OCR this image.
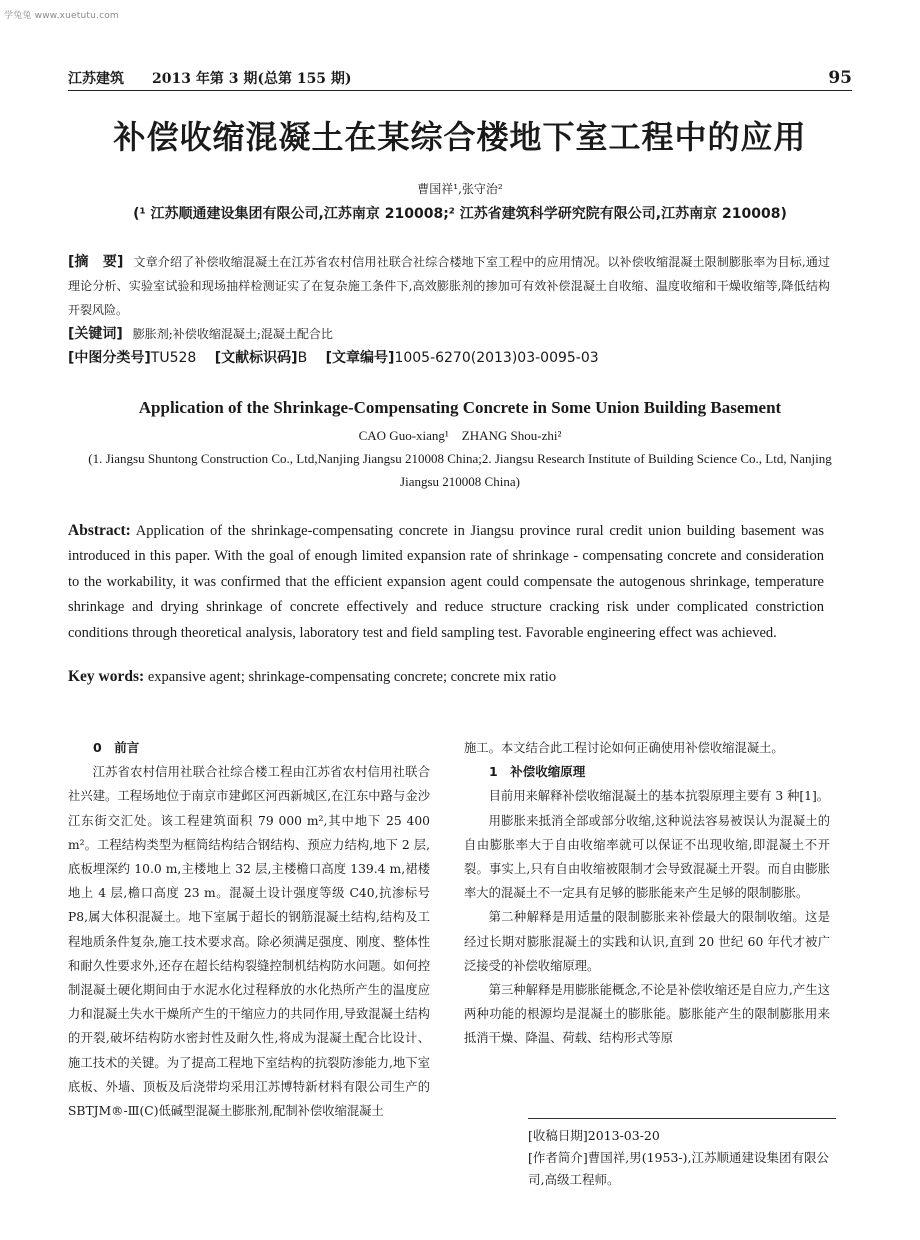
学兔兔 www.xuetutu.com
江苏建筑 2013 年第 3 期(总第 155 期)	95
补偿收缩混凝土在某综合楼地下室工程中的应用
曹国祥¹,张守治²
(¹ 江苏顺通建设集团有限公司,江苏南京 210008;² 江苏省建筑科学研究院有限公司,江苏南京 210008)
[摘　要] 文章介绍了补偿收缩混凝土在江苏省农村信用社联合社综合楼地下室工程中的应用情况。以补偿收缩混凝土限制膨胀率为目标,通过理论分析、实验室试验和现场抽样检测证实了在复杂施工条件下,高效膨胀剂的掺加可有效补偿混凝土自收缩、温度收缩和干燥收缩等,降低结构开裂风险。
[关键词] 膨胀剂;补偿收缩混凝土;混凝土配合比
[中图分类号]TU528 [文献标识码]B [文章编号]1005-6270(2013)03-0095-03
Application of the Shrinkage-Compensating Concrete in Some Union Building Basement
CAO Guo-xiang¹　ZHANG Shou-zhi²
(1. Jiangsu Shuntong Construction Co., Ltd,Nanjing Jiangsu 210008 China;2. Jiangsu Research Institute of Building Science Co., Ltd, Nanjing Jiangsu 210008 China)
Abstract: Application of the shrinkage-compensating concrete in Jiangsu province rural credit union building basement was introduced in this paper. With the goal of enough limited expansion rate of shrinkage - compensating concrete and consideration to the workability, it was confirmed that the efficient expansion agent could compensate the autogenous shrinkage, temperature shrinkage and drying shrinkage of concrete effectively and reduce structure cracking risk under complicated constriction conditions through theoretical analysis, laboratory test and field sampling test. Favorable engineering effect was achieved.
Key words: expansive agent; shrinkage-compensating concrete; concrete mix ratio

0　前言

江苏省农村信用社联合社综合楼工程由江苏省农村信用社联合社兴建。工程场地位于南京市建邺区河西新城区,在江东中路与金沙江东街交汇处。该工程建筑面积 79 000 m²,其中地下 25 400 m²。工程结构类型为框筒结构结合钢结构、预应力结构,地下 2 层,底板埋深约 10.0 m,主楼地上 32 层,主楼檐口高度 139.4 m,裙楼地上 4 层,檐口高度 23 m。混凝土设计强度等级 C40,抗渗标号 P8,属大体积混凝土。地下室属于超长的钢筋混凝土结构,结构及工程地质条件复杂,施工技术要求高。除必须满足强度、刚度、整体性和耐久性要求外,还存在超长结构裂缝控制机结构防水问题。如何控制混凝土硬化期间由于水泥水化过程释放的水化热所产生的温度应力和混凝土失水干燥所产生的干缩应力的共同作用,导致混凝土结构的开裂,破坏结构防水密封性及耐久性,将成为混凝土配合比设计、施工技术的关键。为了提高工程地下室结构的抗裂防渗能力,地下室底板、外墙、顶板及后浇带均采用江苏博特新材料有限公司生产的 SBTJM®-Ⅲ(C)低碱型混凝土膨胀剂,配制补偿收缩混凝土

施工。本文结合此工程讨论如何正确使用补偿收缩混凝土。

1　补偿收缩原理

目前用来解释补偿收缩混凝土的基本抗裂原理主要有 3 种[1]。

用膨胀来抵消全部或部分收缩,这种说法容易被误认为混凝土的自由膨胀率大于自由收缩率就可以保证不出现收缩,即混凝土不开裂。事实上,只有自由收缩被限制才会导致混凝土开裂。而自由膨胀率大的混凝土不一定具有足够的膨胀能来产生足够的限制膨胀。

第二种解释是用适量的限制膨胀来补偿最大的限制收缩。这是经过长期对膨胀混凝土的实践和认识,直到 20 世纪 60 年代才被广泛接受的补偿收缩原理。

第三种解释是用膨胀能概念,不论是补偿收缩还是自应力,产生这两种功能的根源均是混凝土的膨胀能。膨胀能产生的限制膨胀用来抵消干燥、降温、荷载、结构形式等原

[收稿日期]2013-03-20
[作者简介]曹国祥,男(1953-),江苏顺通建设集团有限公司,高级工程师。
